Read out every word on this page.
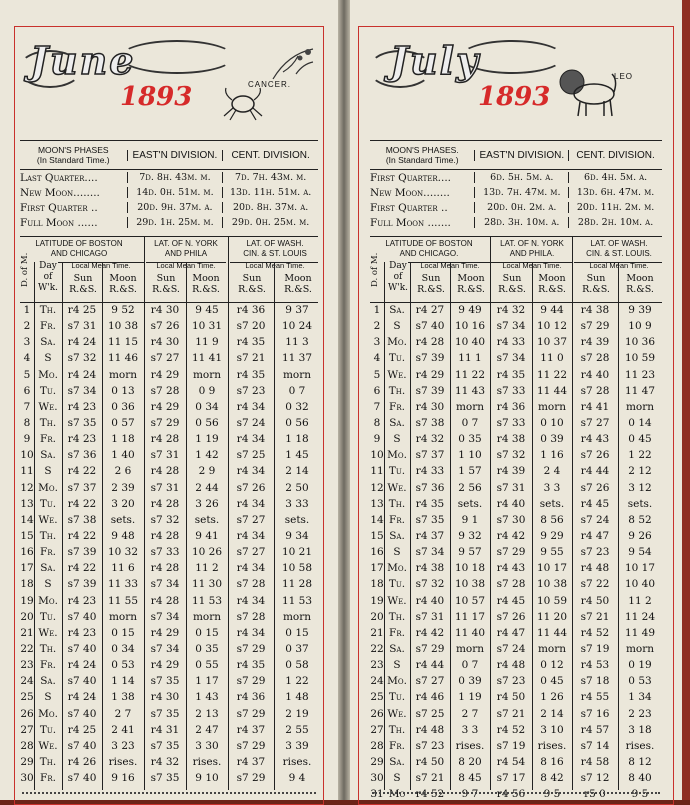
June
1893	CANCER.
MOON'S PHASES
(In Standard Time.)	EAST'N DIVISION.	CENT. DIVISION.
Last Quarter....	7d. 8h. 43m. m.	7d. 7h. 43m. m.
New Moon........	14d. 0h. 51m. m.	13d. 11h. 51m. a.
First Quarter ..	20d. 9h. 37m. a.	20d. 8h. 37m. a.
Full Moon ......	29d. 1h. 25m. m.	29d. 0h. 25m. m.
LATITUDE OF BOSTON
AND CHICAGO
LAT. OF N. YORK
AND PHILA
LAT. OF WASH.
CIN. & ST. LOUIS
Local Mean Time.	Local Mean Time.	Local Mean Time.
D. of M.	Day of W'k.
Sun R.&S.
Moon R.&S.
Sun R.&S.
Moon R.&S.
Sun R.&S.
Moon R.&S.
1 Th.	r4 25	9 52	r4 30	9 45	r4 36	9 37
2 Fr.	s7 31	10 38	s7 26	10 31	s7 20	10 24
3 Sa.	r4 24	11 15	r4 30	11 9	r4 35	11 3
4	S	s7 32	11 46	s7 27	11 41	s7 21	11 37
5 Mo. r4 24	morn	r4 29	morn	r4 35	morn
6 Tu.	s7 34	0 13	s7 28	0 9	s7 23	0 7
7 We. r4 23	0 36	r4 29	0 34	r4 34	0 32
8 Th.	s7 35	0 57	s7 29	0 56	s7 24	0 56
9 Fr.	r4 23	1 18	r4 28	1 19	r4 34	1 18
10 Sa.	s7 36	1 40	s7 31	1 42	s7 25	1 45
11	S	r4 22	2 6	r4 28	2 9	r4 34	2 14
12 Mo. s7 37	2 39	s7 31	2 44	s7 26	2 50
13 Tu.	r4 22	3 20	r4 28	3 26	r4 34	3 33
14 We. s7 38	sets.	s7 32	sets.	s7 27	sets.
15 Th.	r4 22	9 48	r4 28	9 41	r4 34	9 34
16 Fr.	s7 39	10 32	s7 33	10 26	s7 27	10 21
17 Sa.	r4 22	11 6	r4 28	11 2	r4 34	10 58
18	S	s7 39	11 33	s7 34	11 30	s7 28	11 28
19 Mo. r4 23	11 55	r4 28	11 53	r4 34	11 53
20 Tu.	s7 40	morn	s7 34	morn	s7 28	morn
21 We. r4 23	0 15	r4 29	0 15	r4 34	0 15
22 Th.	s7 40	0 34	s7 34	0 35	s7 29	0 37
23 Fr.	r4 24	0 53	r4 29	0 55	r4 35	0 58
24 Sa.	s7 40	1 14	s7 35	1 17	s7 29	1 22
25	S	r4 24	1 38	r4 30	1 43	r4 36	1 48
26 Mo. s7 40	2 7	s7 35	2 13	s7 29	2 19
27 Tu.	r4 25	2 41	r4 31	2 47	r4 37	2 55
28 We. s7 40	3 23	s7 35	3 30	s7 29	3 39
29 Th.	r4 26	rises.	r4 32	rises.	r4 37	rises.
30 Fr.	s7 40	9 16	s7 35	9 10	s7 29	9 4
July
1893
LEO
MOON'S PHASES.
(In Standard Time.)	EAST'N DIVISION.	CENT. DIVISION.
First Quarter....	6d. 5h. 5m. a.	6d. 4h. 5m. a.
New Moon........	13d. 7h. 47m. m.	13d. 6h. 47m. m.
First Quarter ..	20d. 0h. 2m. a.	20d. 11h. 2m. m.
Full Moon .......	28d. 3h. 10m. a.	28d. 2h. 10m. a.
LATITUDE OF BOSTON
AND CHICAGO.
LAT. OF N. YORK
AND PHILA.
LAT. OF WASH.
CIN. & ST. LOUIS.
Local Mean Time.	Local Mean Time.	Local Mean Time.
D. of M.	Day of W'k.
Sun R.&S.
Moon R.&S.
Sun R.&S.
Moon R.&S.
Sun R.&S.
Moon R.&S.
1 Sa.	r4 27	9 49	r4 32	9 44	r4 38	9 39
2	S	s7 40	10 16	s7 34	10 12	s7 29	10 9
3 Mo. r4 28	10 40	r4 33	10 37	r4 39	10 36
4 Tu. s7 39	11 1	s7 34	11 0	s7 28	10 59
5 We. r4 29	11 22	r4 35	11 22	r4 40	11 23
6 Th. s7 39	11 43	s7 33	11 44	s7 28	11 47
7 Fr.	r4 30	morn	r4 36	morn	r4 41	morn
8 Sa.	s7 38	0 7	s7 33	0 10	s7 27	0 14
9	S	r4 32	0 35	r4 38	0 39	r4 43	0 45
10 Mo. s7 37	1 10	s7 32	1 16	s7 26	1 22
11 Tu.	r4 33	1 57	r4 39	2 4	r4 44	2 12
12 We. s7 36	2 56	s7 31	3 3	s7 26	3 12
13 Th.	r4 35	sets.	r4 40	sets.	r4 45	sets.
14 Fr.	s7 35	9 1	s7 30	8 56	s7 24	8 52
15 Sa.	r4 37	9 32	r4 42	9 29	r4 47	9 26
16 S	s7 34	9 57	s7 29	9 55	s7 23	9 54
17 Mo. r4 38	10 18	r4 43	10 17	r4 48	10 17
18 Tu. s7 32	10 38	s7 28	10 38	s7 22	10 40
19 We. r4 40	10 57	r4 45	10 59	r4 50	11 2
20 Th. s7 31	11 17	s7 26	11 20	s7 21	11 24
21 Fr.	r4 42	11 40	r4 47	11 44	r4 52	11 49
22 Sa.	s7 29	morn	s7 24	morn	s7 19	morn
23 S	r4 44	0 7	r4 48	0 12	r4 53	0 19
24 Mo. s7 27	0 39	s7 23	0 45	s7 18	0 53
25 Tu.	r4 46	1 19	r4 50	1 26	r4 55	1 34
26 We. s7 25	2 7	s7 21	2 14	s7 16	2 23
27 Th.	r4 48	3 3	r4 52	3 10	r4 57	3 18
28 Fr.	s7 23	rises.	s7 19	rises.	s7 14	rises.
29 Sa.	r4 50	8 20	r4 54	8 16	r4 58	8 12
30 S	s7 21	8 45	s7 17	8 42	s7 12	8 40
31 Mo	r4 52	9 7	r4 56	9 5	r5 0	9 5
